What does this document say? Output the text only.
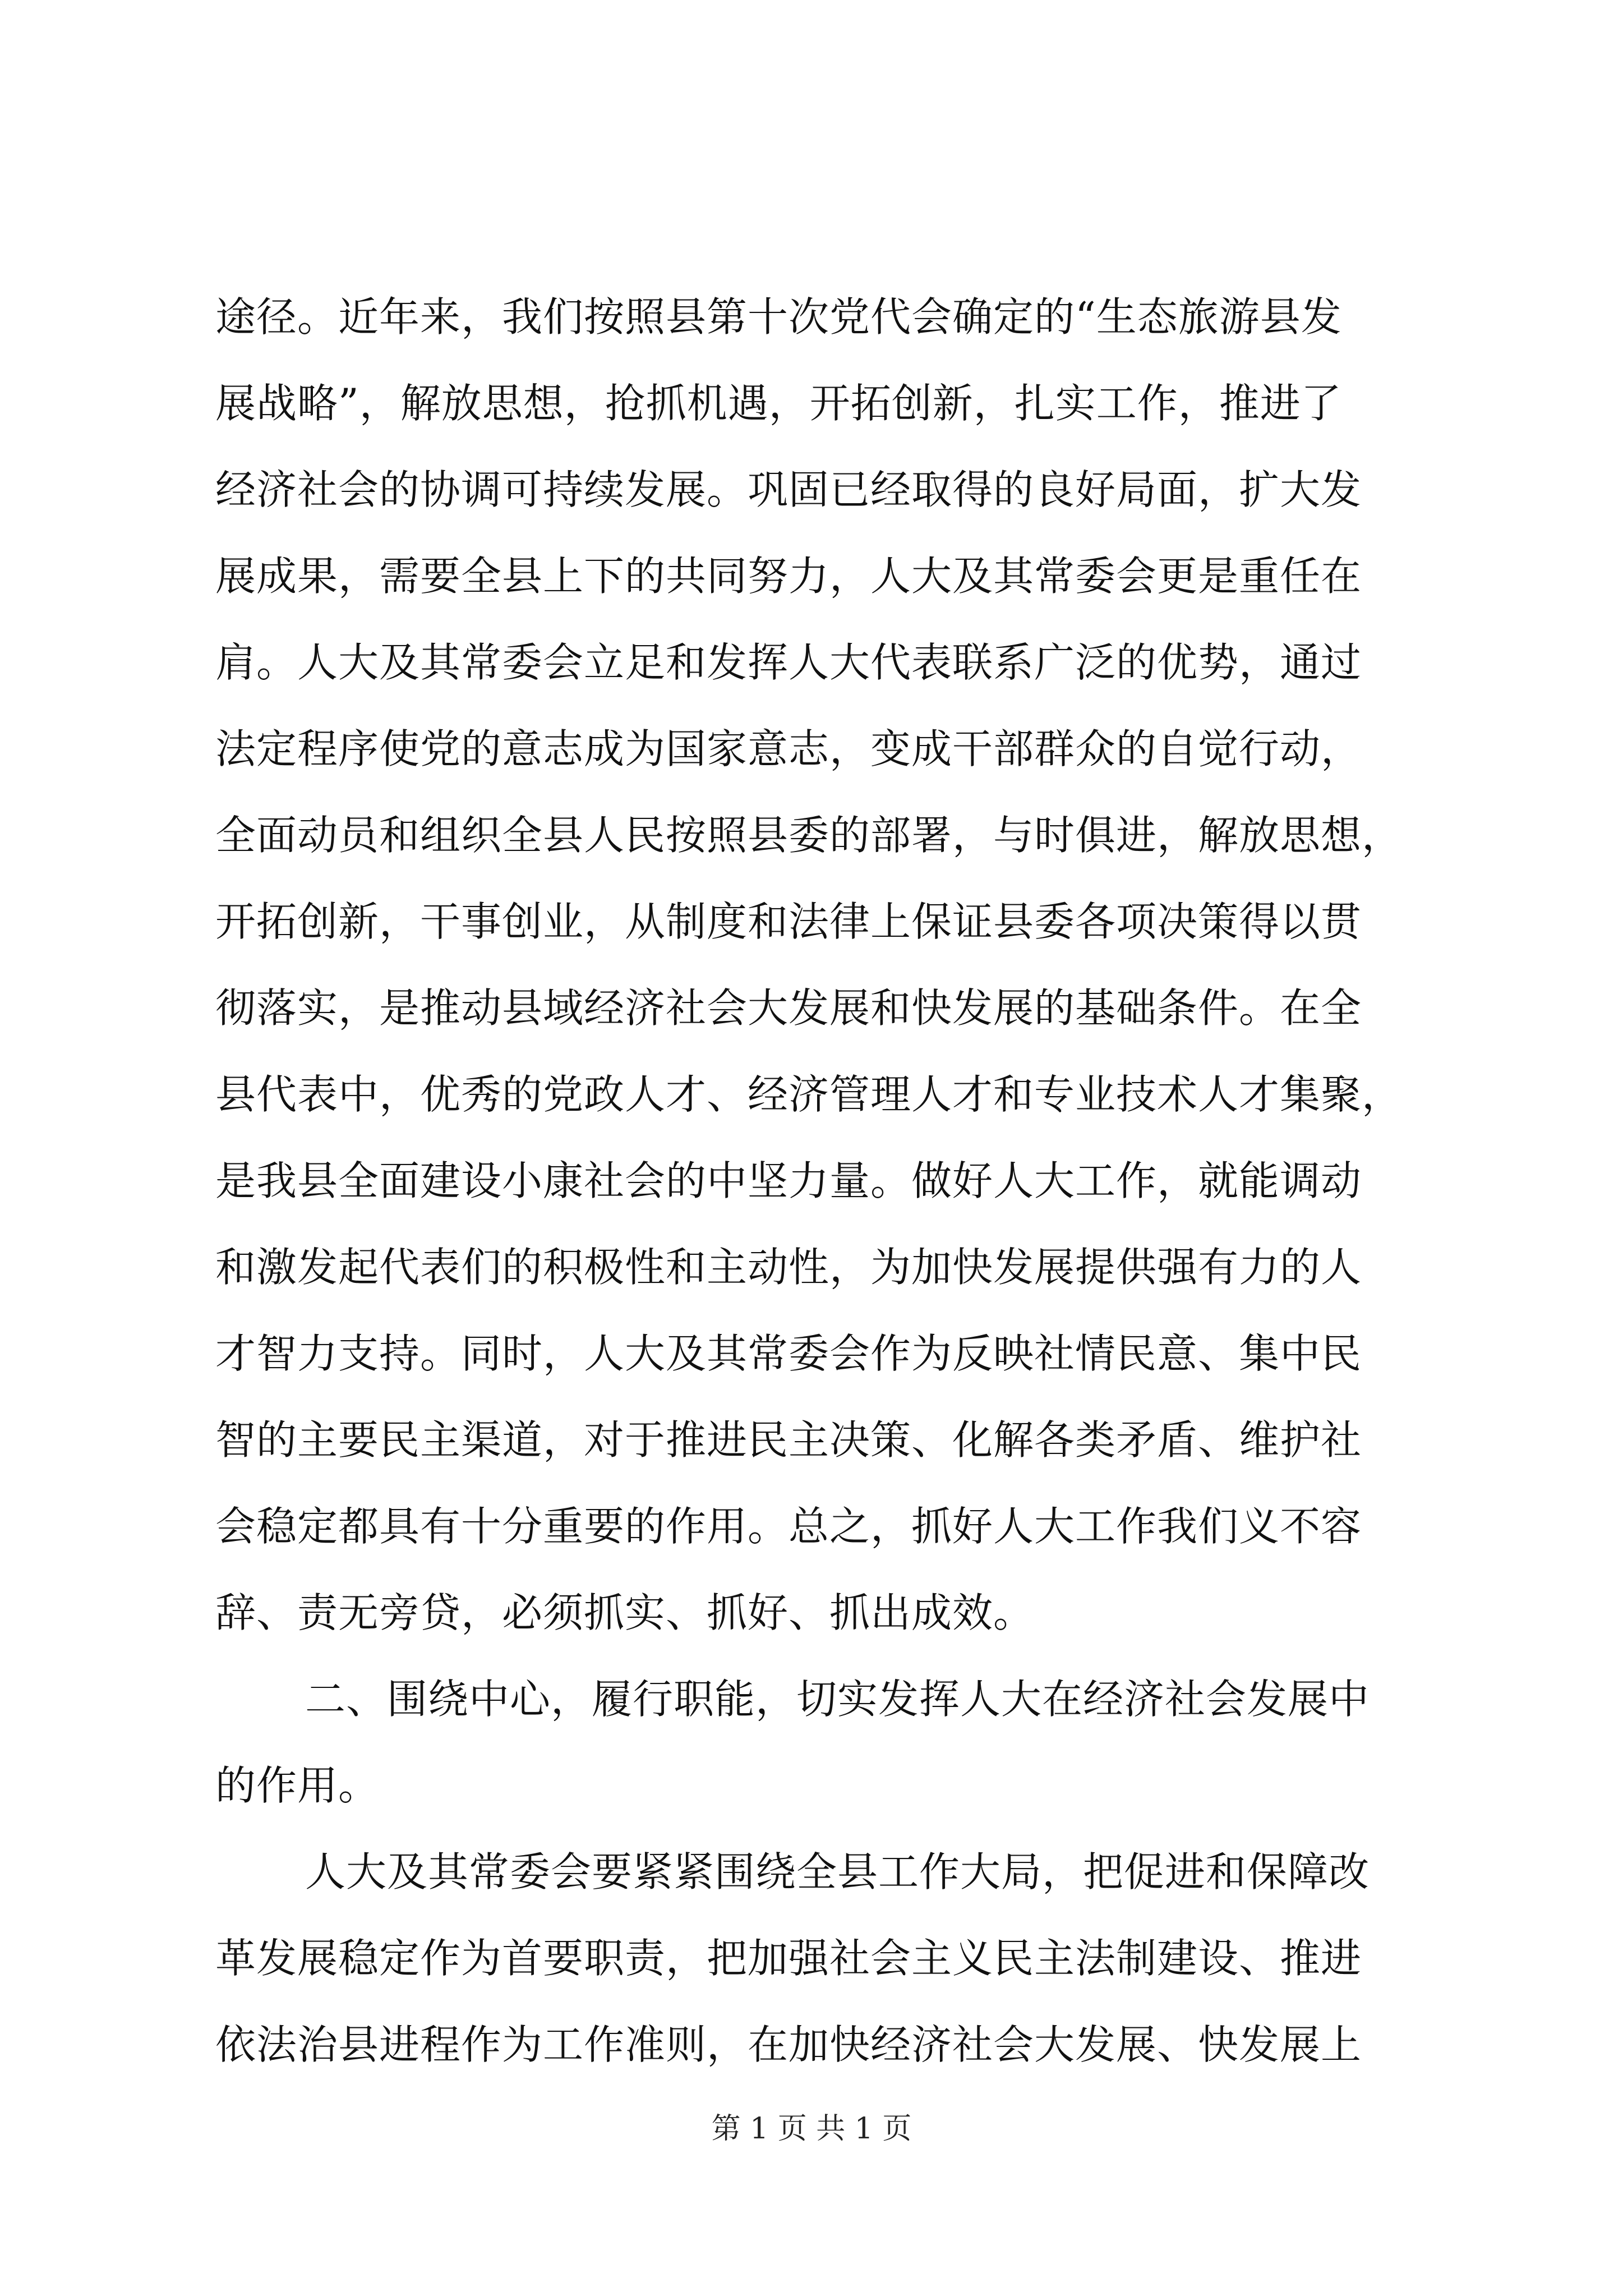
途径。近年来，我们按照县第十次党代会确定的“生态旅游县发
展战略”，解放思想，抢抓机遇，开拓创新，扎实工作，推进了
经济社会的协调可持续发展。巩固已经取得的良好局面，扩大发
展成果，需要全县上下的共同努力，人大及其常委会更是重任在
肩。人大及其常委会立足和发挥人大代表联系广泛的优势，通过
法定程序使党的意志成为国家意志，变成干部群众的自觉行动，
全面动员和组织全县人民按照县委的部署，与时俱进，解放思想，
开拓创新，干事创业，从制度和法律上保证县委各项决策得以贯
彻落实，是推动县域经济社会大发展和快发展的基础条件。在全
县代表中，优秀的党政人才、经济管理人才和专业技术人才集聚，
是我县全面建设小康社会的中坚力量。做好人大工作，就能调动
和激发起代表们的积极性和主动性，为加快发展提供强有力的人
才智力支持。同时，人大及其常委会作为反映社情民意、集中民
智的主要民主渠道，对于推进民主决策、化解各类矛盾、维护社
会稳定都具有十分重要的作用。总之，抓好人大工作我们义不容
辞、责无旁贷，必须抓实、抓好、抓出成效。
二、围绕中心，履行职能，切实发挥人大在经济社会发展中
的作用。
人大及其常委会要紧紧围绕全县工作大局，把促进和保障改
革发展稳定作为首要职责，把加强社会主义民主法制建设、推进
依法治县进程作为工作准则，在加快经济社会大发展、快发展上
第 1 页 共 1 页
